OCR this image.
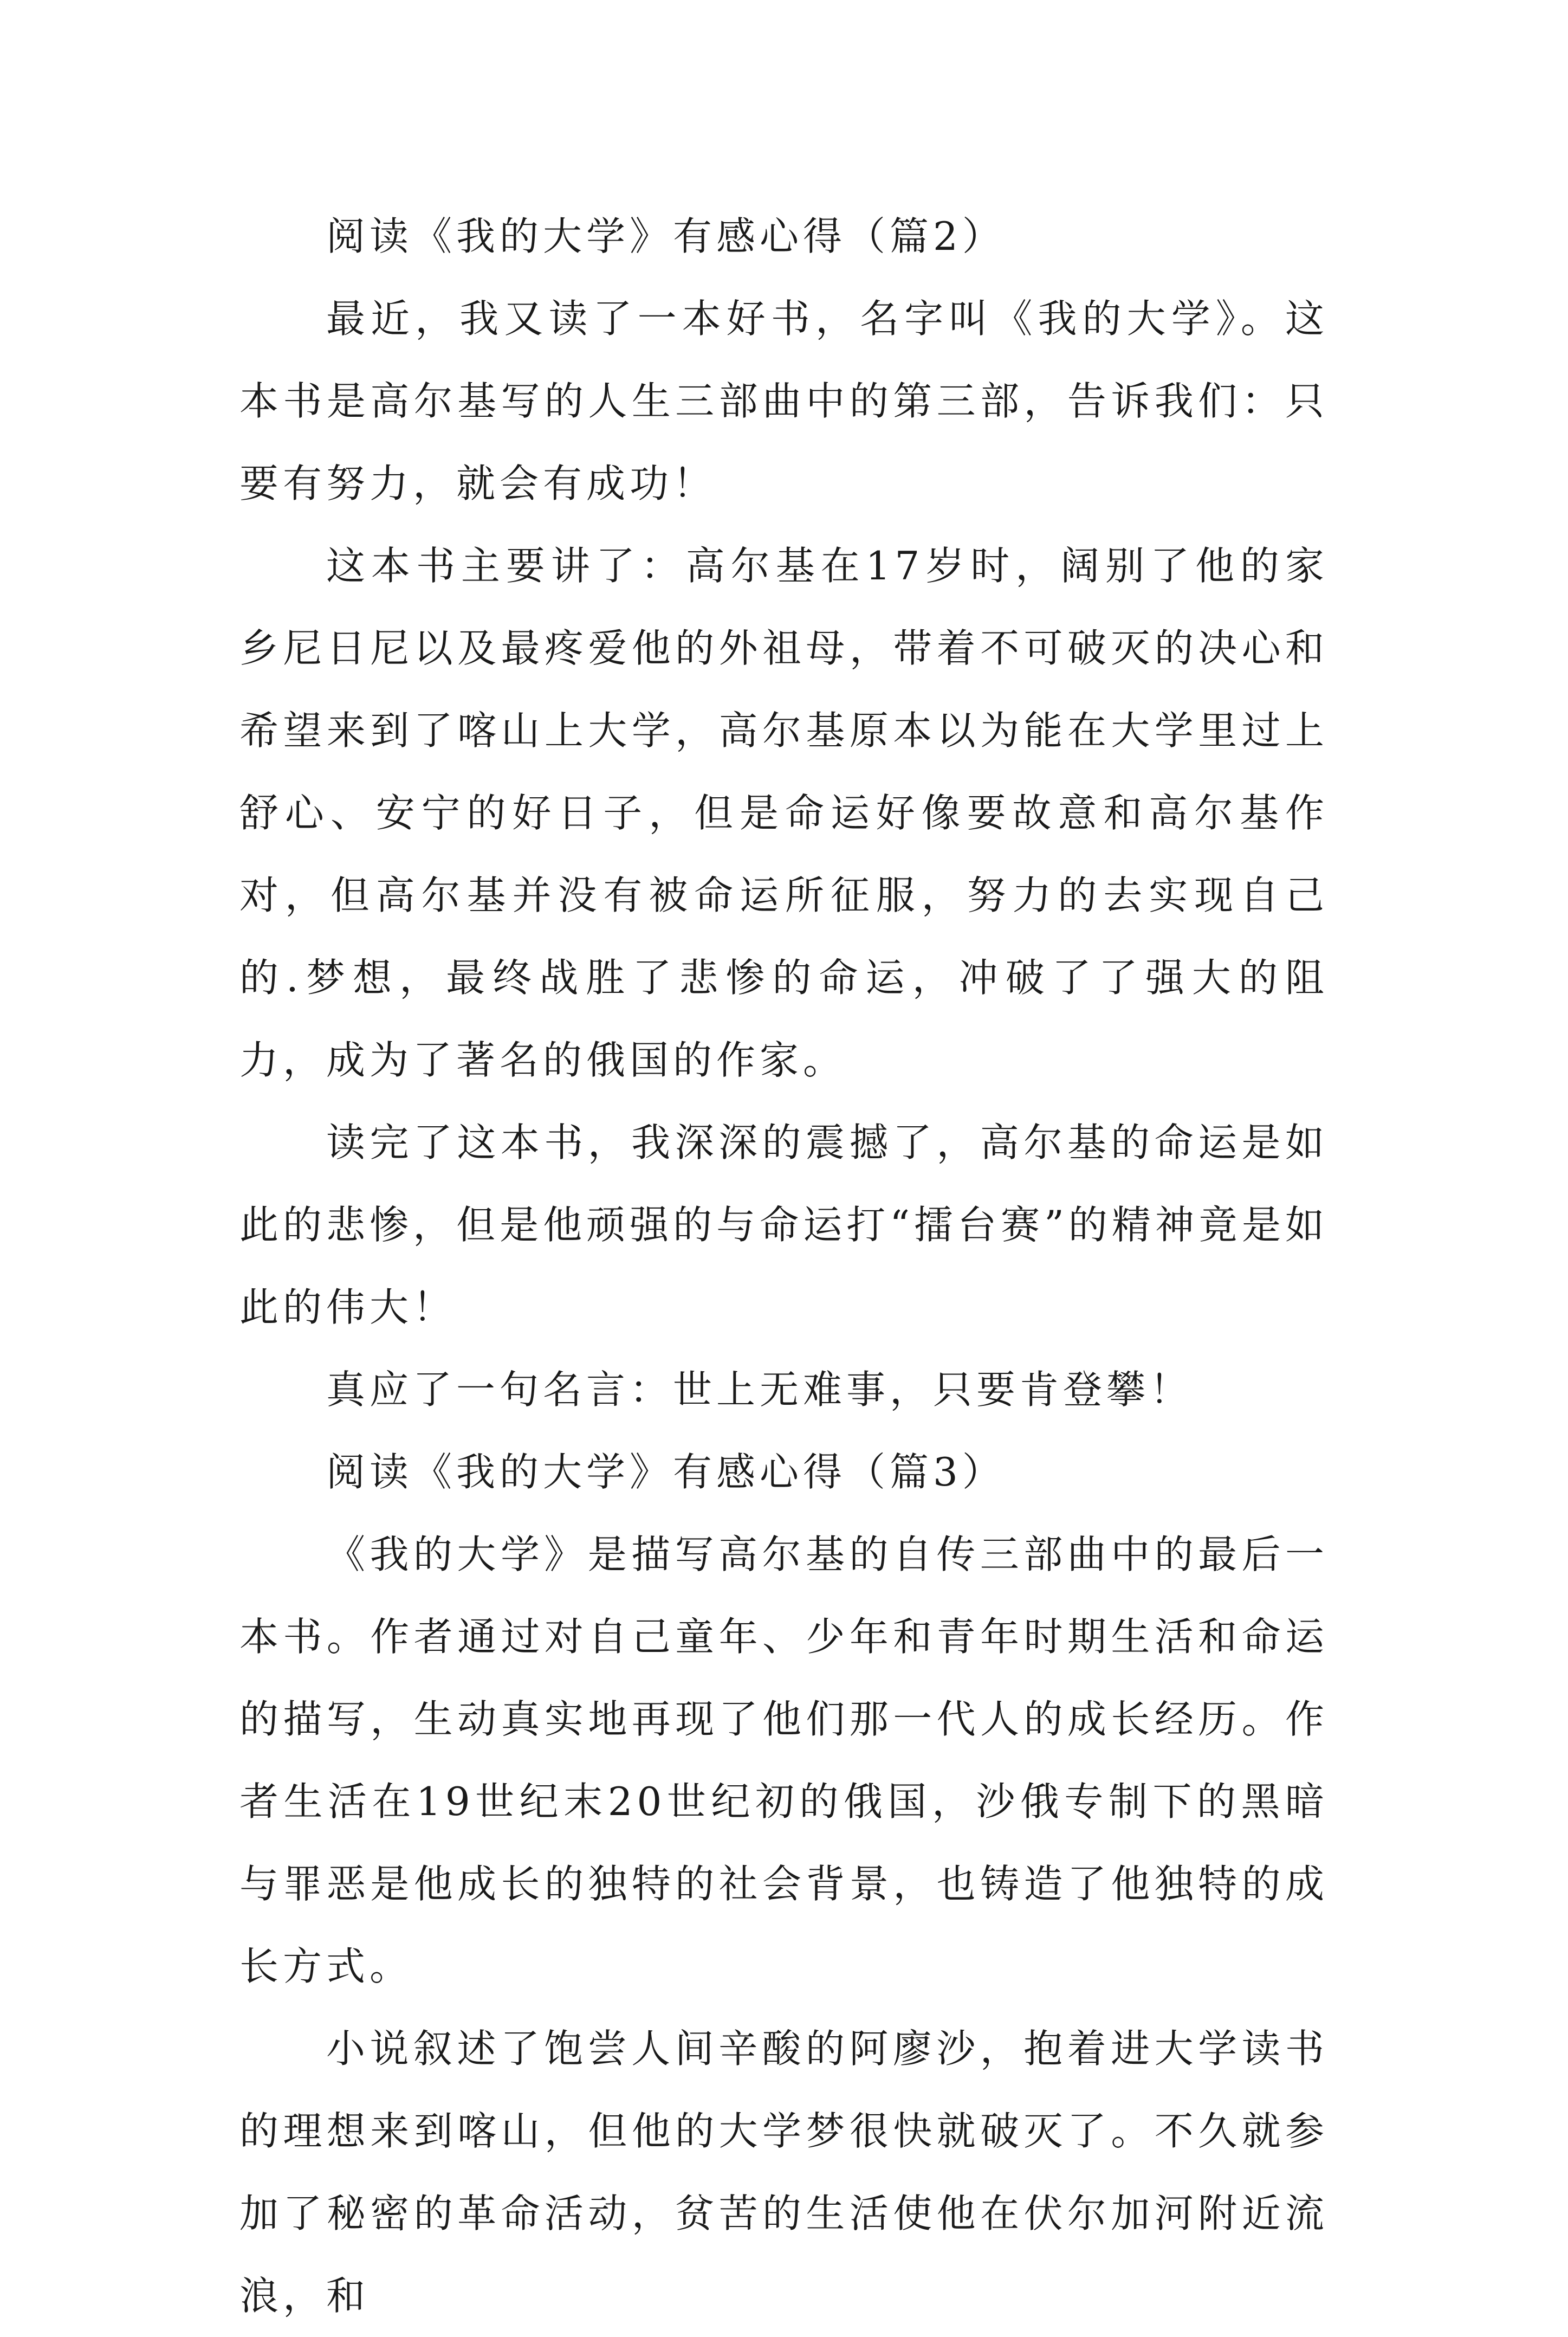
阅读《我的大学》有感心得（篇2）

最近，我又读了一本好书，名字叫《我的大学》。这本书是高尔基写的人生三部曲中的第三部，告诉我们：只要有努力，就会有成功！

这本书主要讲了：高尔基在17岁时，阔别了他的家乡尼日尼以及最疼爱他的外祖母，带着不可破灭的决心和希望来到了喀山上大学，高尔基原本以为能在大学里过上舒心、安宁的好日子，但是命运好像要故意和高尔基作对，但高尔基并没有被命运所征服，努力的去实现自己的.梦想，最终战胜了悲惨的命运，冲破了了强大的阻力，成为了著名的俄国的作家。

读完了这本书，我深深的震撼了，高尔基的命运是如此的悲惨，但是他顽强的与命运打“擂台赛”的精神竟是如此的伟大！

真应了一句名言：世上无难事，只要肯登攀！

阅读《我的大学》有感心得（篇3）

《我的大学》是描写高尔基的自传三部曲中的最后一本书。作者通过对自己童年、少年和青年时期生活和命运的描写，生动真实地再现了他们那一代人的成长经历。作者生活在19世纪末20世纪初的俄国，沙俄专制下的黑暗与罪恶是他成长的独特的社会背景，也铸造了他独特的成长方式。

小说叙述了饱尝人间辛酸的阿廖沙，抱着进大学读书的理想来到喀山，但他的大学梦很快就破灭了。不久就参加了秘密的革命活动，贫苦的生活使他在伏尔加河附近流浪，和
